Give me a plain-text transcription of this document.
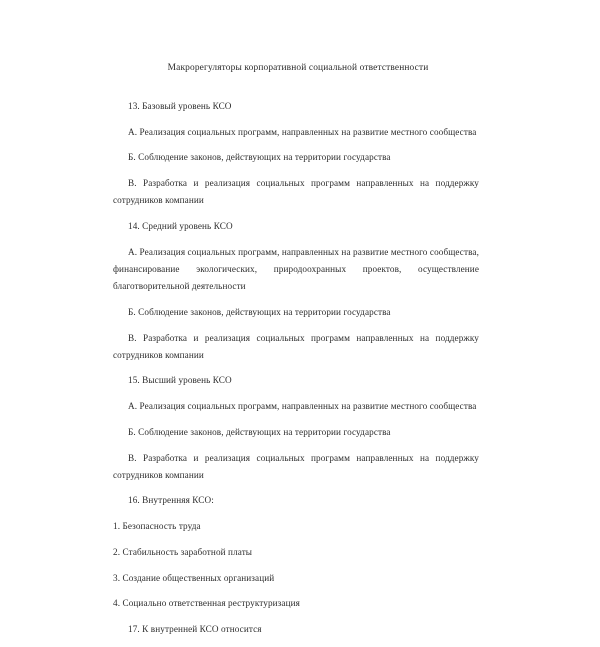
Макрорегуляторы корпоративной социальной ответственности

13. Базовый уровень КСО

А. Реализация социальных программ, направленных на развитие местного сообщества

Б. Соблюдение законов, действующих на территории государства

В. Разработка и реализация социальных программ направленных на поддержку сотрудников компании

14. Средний уровень КСО

А. Реализация социальных программ, направленных на развитие местного сообщества, финансирование экологических, природоохранных проектов, осуществление благотворительной деятельности

Б. Соблюдение законов, действующих на территории государства

В. Разработка и реализация социальных программ направленных на поддержку сотрудников компании

15. Высший уровень КСО

А. Реализация социальных программ, направленных на развитие местного сообщества

Б. Соблюдение законов, действующих на территории государства

В. Разработка и реализация социальных программ направленных на поддержку сотрудников компании

16. Внутренняя КСО:

1. Безопасность труда

2. Стабильность заработной платы

3. Создание общественных организаций

4. Социально ответственная реструктуризация

17. К внутренней КСО относится
